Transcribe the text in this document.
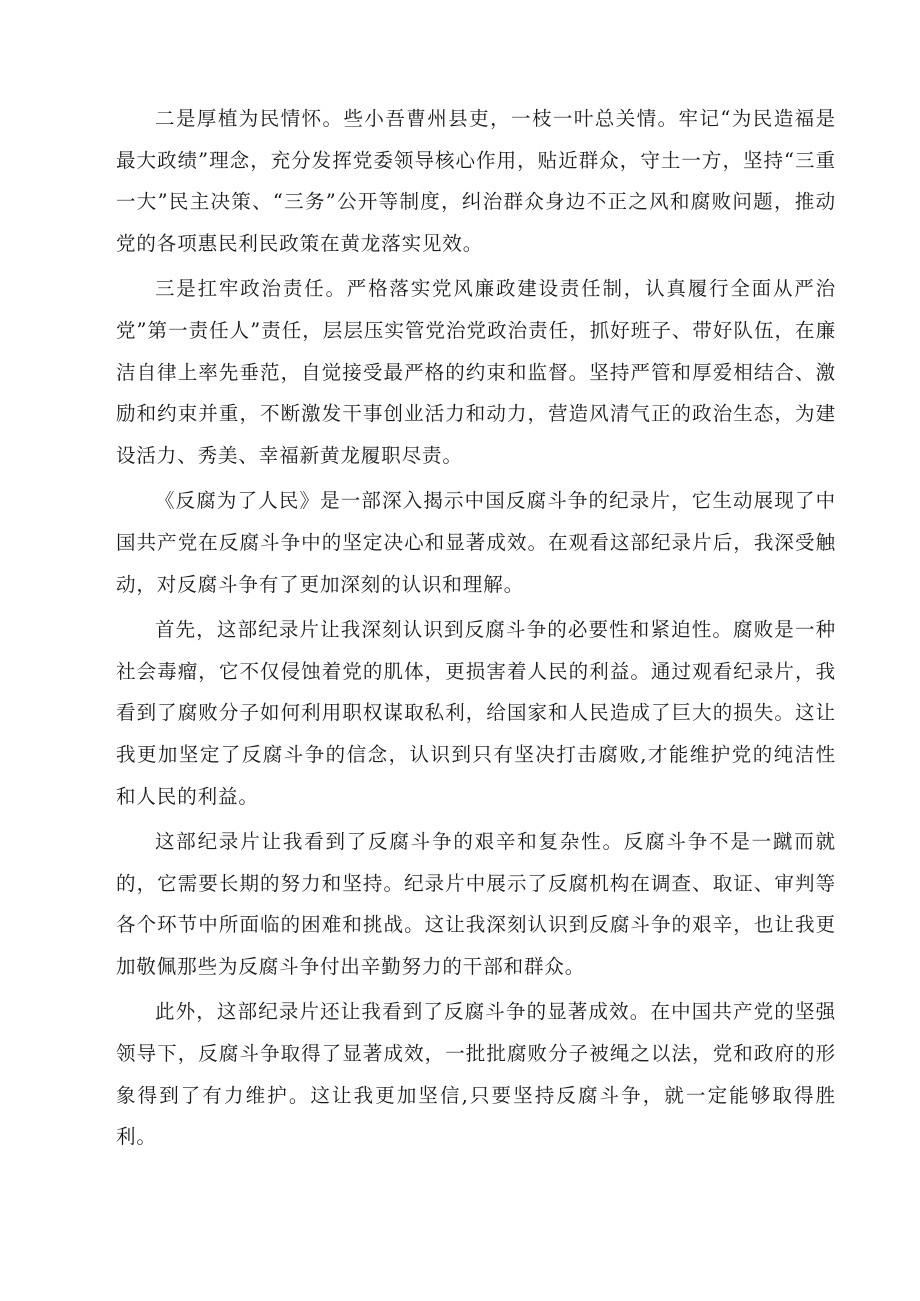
二是厚植为民情怀。些小吾曹州县吏，一枝一叶总关情。牢记“为民造福是最大政绩”理念，充分发挥党委领导核心作用，贴近群众，守土一方，坚持“三重一大”民主决策、“三务”公开等制度，纠治群众身边不正之风和腐败问题，推动党的各项惠民利民政策在黄龙落实见效。

三是扛牢政治责任。严格落实党风廉政建设责任制，认真履行全面从严治党”第一责任人”责任，层层压实管党治党政治责任，抓好班子、带好队伍，在廉洁自律上率先垂范，自觉接受最严格的约束和监督。坚持严管和厚爱相结合、激励和约束并重，不断激发干事创业活力和动力，营造风清气正的政治生态，为建设活力、秀美、幸福新黄龙履职尽责。

《反腐为了人民》是一部深入揭示中国反腐斗争的纪录片，它生动展现了中国共产党在反腐斗争中的坚定决心和显著成效。在观看这部纪录片后，我深受触动，对反腐斗争有了更加深刻的认识和理解。

首先，这部纪录片让我深刻认识到反腐斗争的必要性和紧迫性。腐败是一种社会毒瘤，它不仅侵蚀着党的肌体，更损害着人民的利益。通过观看纪录片，我看到了腐败分子如何利用职权谋取私利，给国家和人民造成了巨大的损失。这让我更加坚定了反腐斗争的信念，认识到只有坚决打击腐败,才能维护党的纯洁性和人民的利益。

这部纪录片让我看到了反腐斗争的艰辛和复杂性。反腐斗争不是一蹴而就的，它需要长期的努力和坚持。纪录片中展示了反腐机构在调查、取证、审判等各个环节中所面临的困难和挑战。这让我深刻认识到反腐斗争的艰辛，也让我更加敬佩那些为反腐斗争付出辛勤努力的干部和群众。

此外，这部纪录片还让我看到了反腐斗争的显著成效。在中国共产党的坚强领导下，反腐斗争取得了显著成效，一批批腐败分子被绳之以法，党和政府的形象得到了有力维护。这让我更加坚信,只要坚持反腐斗争，就一定能够取得胜利。
